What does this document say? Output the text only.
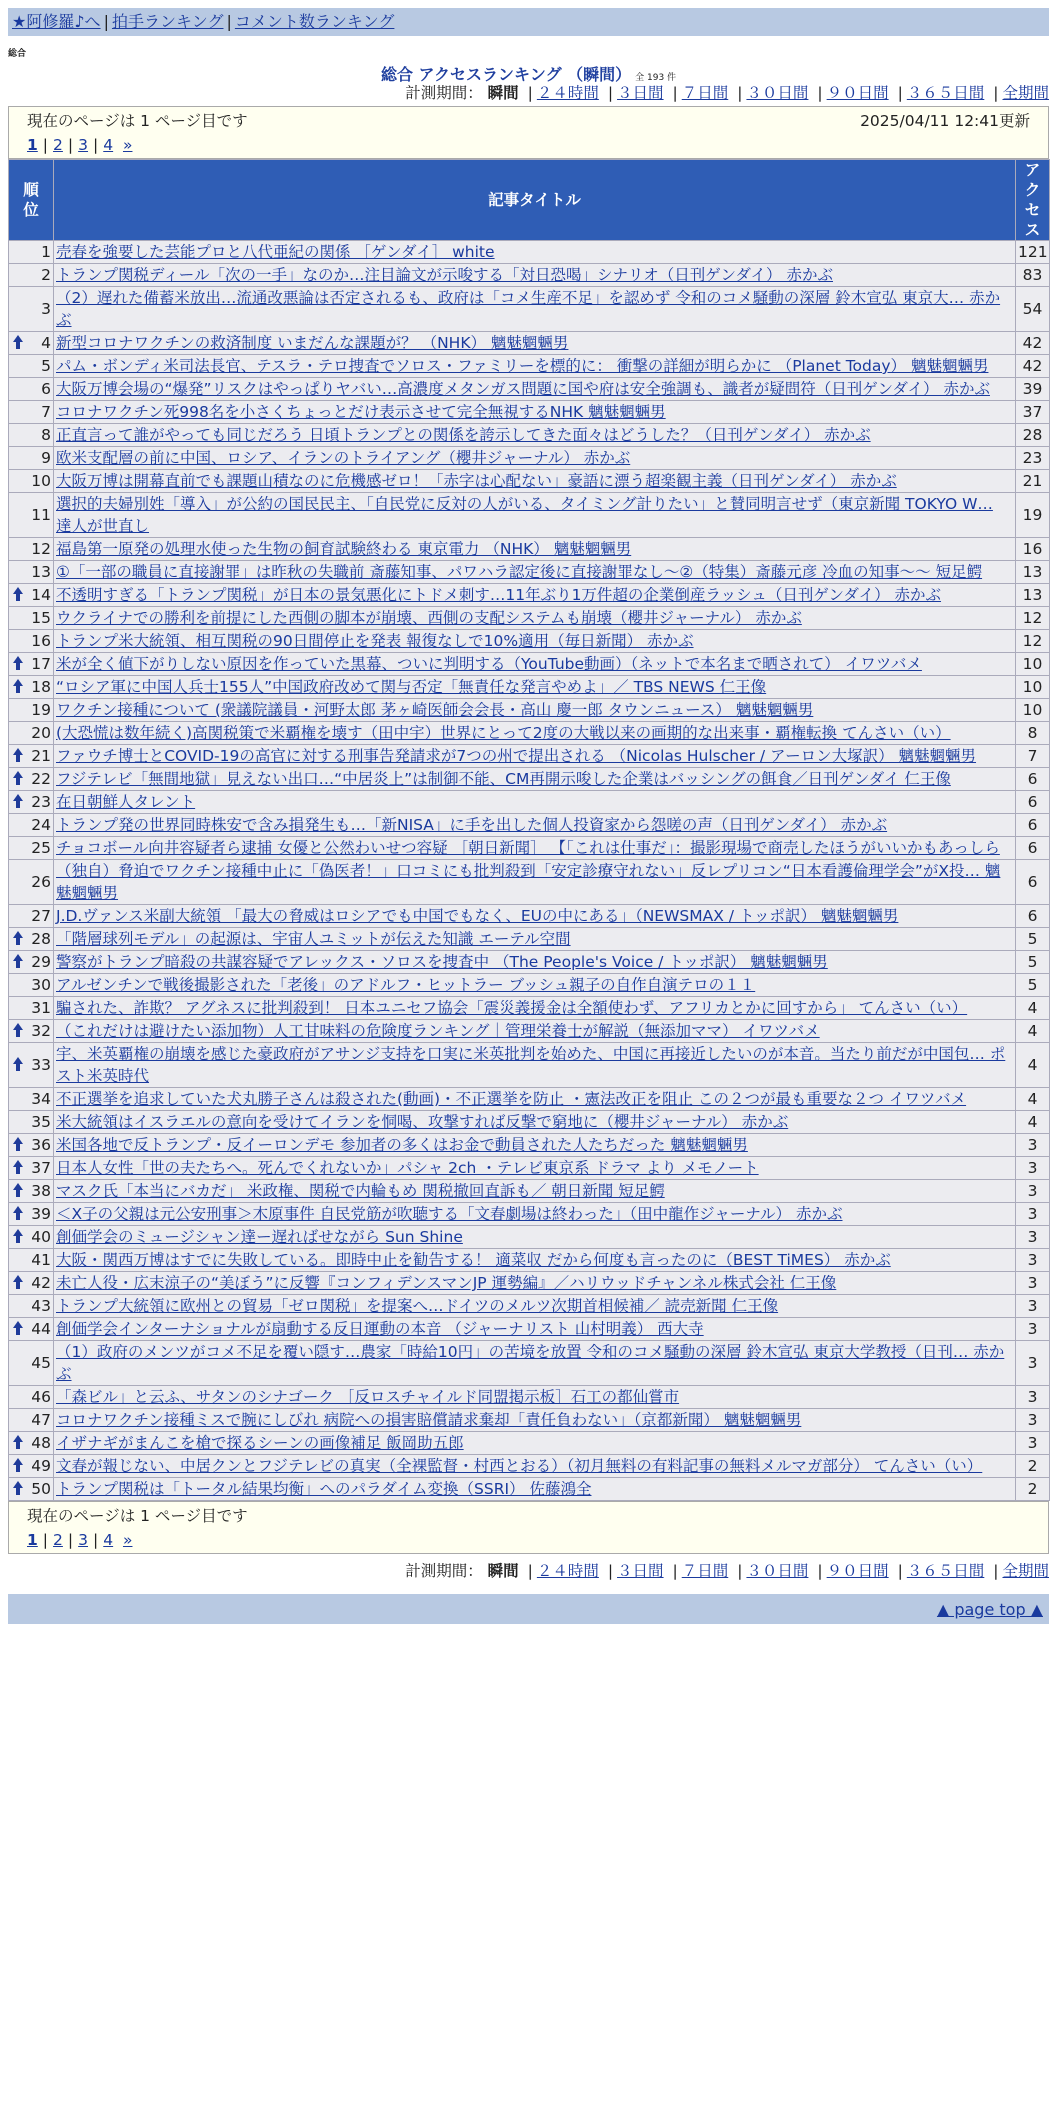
★阿修羅♪へ | 拍手ランキング | コメント数ランキング
総合
総合 アクセスランキング （瞬間） 全 193 件
計測期間： 瞬間 | ２４時間 | ３日間 | ７日間 | ３０日間 | ９０日間 | ３６５日間 | 全期間
現在のページは 1 ページ目です	2025/04/11 12:41更新
1 | 2 | 3 | 4 »
順位	記事タイトル	アクセス
1	売春を強要した芸能プロと八代亜紀の関係 ［ゲンダイ］ white	121
2	トランプ関税ディール「次の一手」なのか…注目論文が示唆する「対日恐喝」シナリオ（日刊ゲンダイ） 赤かぶ	83
3	（2）遅れた備蓄米放出…流通改悪論は否定されるも、政府は「コメ生産不足」を認めず 令和のコメ騒動の深層 鈴木宣弘 東京大… 赤かぶ	54

4	新型コロナワクチンの救済制度 いまだんな課題が？ （NHK） 魑魅魍魎男	42
5	パム・ボンディ米司法長官、テスラ・テロ捜査でソロス・ファミリーを標的に： 衝撃の詳細が明らかに （Planet Today） 魑魅魍魎男	42
6	大阪万博会場の“爆発”リスクはやっぱりヤバい…高濃度メタンガス問題に国や府は安全強調も、識者が疑問符（日刊ゲンダイ） 赤かぶ	39
7	コロナワクチン死998名を小さくちょっとだけ表示させて完全無視するNHK 魑魅魍魎男	37
8	正直言って誰がやっても同じだろう 日頃トランプとの関係を誇示してきた面々はどうした？（日刊ゲンダイ） 赤かぶ	28
9	欧米支配層の前に中国、ロシア、イランのトライアング（櫻井ジャーナル） 赤かぶ	23
10	大阪万博は開幕直前でも課題山積なのに危機感ゼロ！「赤字は心配ない」豪語に漂う超楽観主義（日刊ゲンダイ） 赤かぶ	21
11	選択的夫婦別姓「導入」が公約の国民民主、「自民党に反対の人がいる、タイミング計りたい」と賛同明言せず（東京新聞 TOKYO W… 達人が世直し	19
12	福島第一原発の処理水使った生物の飼育試験終わる 東京電力 （NHK） 魑魅魍魎男	16
13	①「一部の職員に直接謝罪」は昨秋の失職前 斎藤知事、パワハラ認定後に直接謝罪なし～②（特集）斎藤元彦 冷血の知事～～ 短足鰐	13

14	不透明すぎる「トランプ関税」が日本の景気悪化にトドメ刺す…11年ぶり1万件超の企業倒産ラッシュ（日刊ゲンダイ） 赤かぶ	13
15	ウクライナでの勝利を前提にした西側の脚本が崩壊、西側の支配システムも崩壊（櫻井ジャーナル） 赤かぶ	12
16	トランプ米大統領、相互関税の90日間停止を発表 報復なしで10%適用（毎日新聞） 赤かぶ	12

17	米が全く値下がりしない原因を作っていた黒幕、ついに判明する（YouTube動画）（ネットで本名まで晒されて） イワツバメ	10

18	“ロシア軍に中国人兵士155人”中国政府改めて関与否定「無責任な発言やめよ」／ TBS NEWS 仁王像	10
19	ワクチン接種について (衆議院議員・河野太郎 茅ヶ崎医師会会長・高山 慶一郎 タウンニュース） 魑魅魍魎男	10
20	(大恐慌は数年続く)高関税策で米覇権を壊す（田中宇）世界にとって2度の大戦以来の画期的な出来事・覇権転換 てんさい（い）	8

21	ファウチ博士とCOVID-19の高官に対する刑事告発請求が7つの州で提出される （Nicolas Hulscher / アーロン大塚訳） 魑魅魍魎男	7

22	フジテレビ「無間地獄」見えない出口…“中居炎上”は制御不能、CM再開示唆した企業はバッシングの餌食／日刊ゲンダイ 仁王像	6

23	在日朝鮮人タレント	6
24	トランプ発の世界同時株安で含み損発生も…「新NISA」に手を出した個人投資家から怨嗟の声（日刊ゲンダイ） 赤かぶ	6
25	チョコボール向井容疑者ら逮捕 女優と公然わいせつ容疑 ［朝日新聞］ 【「これは仕事だ」：撮影現場で商売したほうがいいかもあっしら	6
26	（独自）脅迫でワクチン接種中止に「偽医者！」口コミにも批判殺到「安定診療守れない」反レプリコン“日本看護倫理学会”がX投… 魑魅魍魎男	6
27	J.D.ヴァンス米副大統領 「最大の脅威はロシアでも中国でもなく、EUの中にある」（NEWSMAX / トッポ訳） 魑魅魍魎男	6

28	「階層球列モデル」の起源は、宇宙人ユミットが伝えた知識 エーテル空間	5

29	警察がトランプ暗殺の共謀容疑でアレックス・ソロスを捜査中 （The People's Voice / トッポ訳） 魑魅魍魎男	5
30	アルゼンチンで戦後撮影された「老後」のアドルフ・ヒットラー ブッシュ親子の自作自演テロの１１	5
31	騙された、詐欺？ アグネスに批判殺到！ 日本ユニセフ協会「震災義援金は全額使わず、アフリカとかに回すから」 てんさい（い）	4

32	（これだけは避けたい添加物）人工甘味料の危険度ランキング｜管理栄養士が解説（無添加ママ） イワツバメ	4

33	宇、米英覇権の崩壊を感じた豪政府がアサンジ支持を口実に米英批判を始めた、中国に再接近したいのが本音。当たり前だが中国包… ポスト米英時代	4
34	不正選挙を追求していた犬丸勝子さんは殺された(動画)・不正選挙を防止 ・憲法改正を阻止 この２つが最も重要な２つ イワツバメ	4
35	米大統領はイスラエルの意向を受けてイランを恫喝、攻撃すれば反撃で窮地に（櫻井ジャーナル） 赤かぶ	4

36	米国各地で反トランプ・反イーロンデモ 参加者の多くはお金で動員された人たちだった 魑魅魍魎男	3

37	日本人女性「世の夫たちへ。死んでくれないか」パシャ 2ch ・テレビ東京系 ドラマ より メモノート	3

38	マスク氏「本当にバカだ」 米政権、関税で内輪もめ 関税撤回直訴も／ 朝日新聞 短足鰐	3

39	＜X子の父親は元公安刑事＞木原事件 自民党筋が吹聴する「文春劇場は終わった」（田中龍作ジャーナル） 赤かぶ	3

40	創価学会のミュージシャン達ー遅ればせながら Sun Shine	3
41	大阪・関西万博はすでに失敗している。即時中止を勧告する！ 適菜収 だから何度も言ったのに（BEST TiMES） 赤かぶ	3

42	未亡人役・広末涼子の“美ぼう”に反響『コンフィデンスマンJP 運勢編』／ハリウッドチャンネル株式会社 仁王像	3
43	トランプ大統領に欧州との貿易「ゼロ関税」を提案へ…ドイツのメルツ次期首相候補／ 読売新聞 仁王像	3

44	創価学会インターナショナルが扇動する反日運動の本音 （ジャーナリスト 山村明義） 西大寺	3
45	（1）政府のメンツがコメ不足を覆い隠す…農家「時給10円」の苦境を放置 令和のコメ騒動の深層 鈴木宣弘 東京大学教授（日刊… 赤かぶ	3
46	「森ビル」と云ふ、サタンのシナゴーク ［反ロスチャイルド同盟掲示板］石工の都仙嘗市	3
47	コロナワクチン接種ミスで腕にしびれ 病院への損害賠償請求棄却「責任負わない」（京都新聞） 魑魅魍魎男	3

48	イザナギがまんこを槍で探るシーンの画像補足 飯岡助五郎	3

49	文春が報じない、中居クンとフジテレビの真実（全裸監督・村西とおる）（初月無料の有料記事の無料メルマガ部分） てんさい（い）	2

50	トランプ関税は「トータル結果均衡」へのパラダイム変換（SSRI） 佐藤鴻全	2
現在のページは 1 ページ目です
1 | 2 | 3 | 4 »
計測期間： 瞬間 | ２４時間 | ３日間 | ７日間 | ３０日間 | ９０日間 | ３６５日間 | 全期間
▲ page top ▲
